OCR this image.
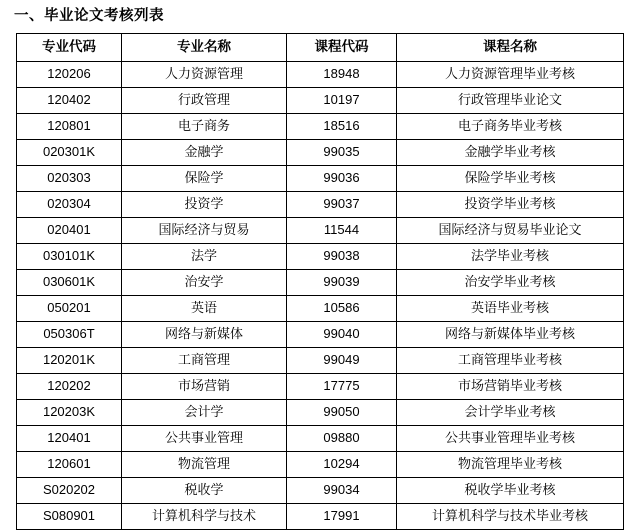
一、毕业论文考核列表
专业代码	专业名称	课程代码	课程名称
120206	人力资源管理	18948	人力资源管理毕业考核
120402	行政管理	10197	行政管理毕业论文
120801	电子商务	18516	电子商务毕业考核
020301K	金融学	99035	金融学毕业考核
020303	保险学	99036	保险学毕业考核
020304	投资学	99037	投资学毕业考核
020401	国际经济与贸易	11544	国际经济与贸易毕业论文
030101K	法学	99038	法学毕业考核
030601K	治安学	99039	治安学毕业考核
050201	英语	10586	英语毕业考核
050306T	网络与新媒体	99040	网络与新媒体毕业考核
120201K	工商管理	99049	工商管理毕业考核
120202	市场营销	17775	市场营销毕业考核
120203K	会计学	99050	会计学毕业考核
120401	公共事业管理	09880	公共事业管理毕业考核
120601	物流管理	10294	物流管理毕业考核
S020202	税收学	99034	税收学毕业考核
S080901	计算机科学与技术	17991	计算机科学与技术毕业考核
